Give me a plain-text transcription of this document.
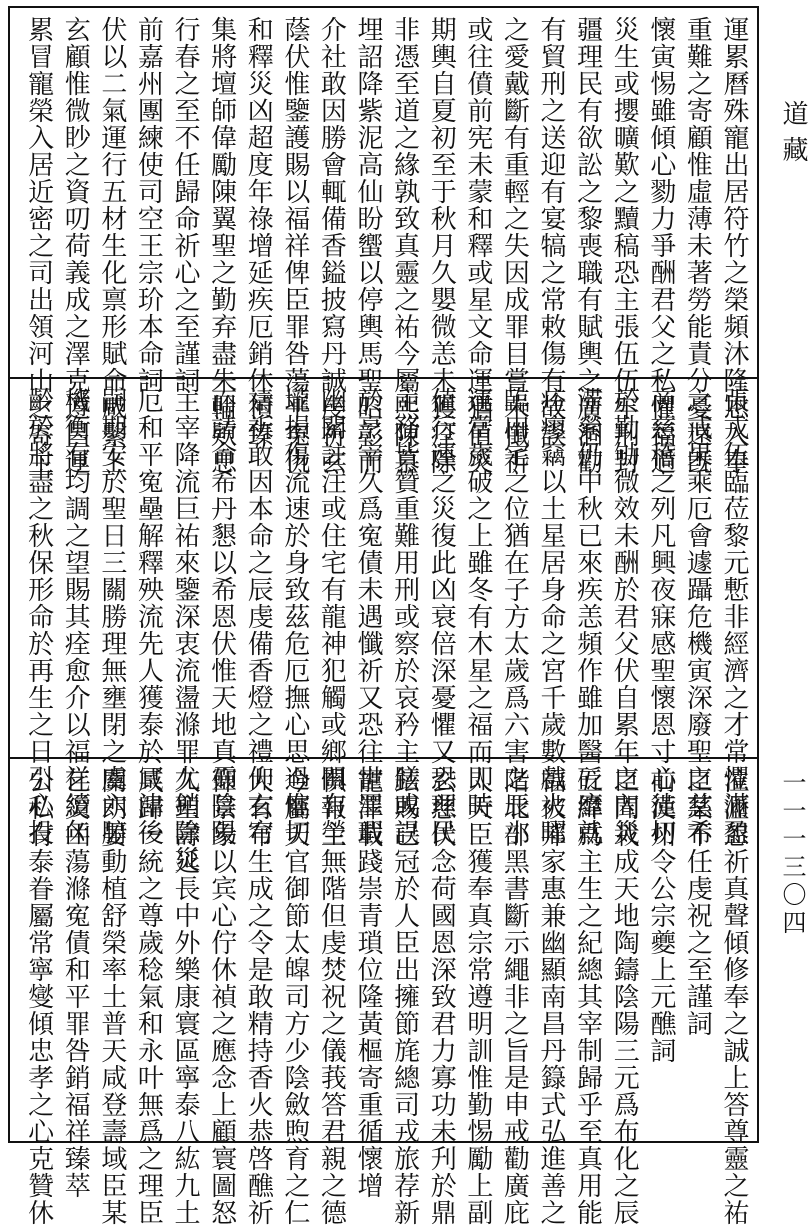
運累曆殊寵出居符竹之榮頻沐隆恩入奉
重難之寄顧惟虛薄未著勞能責分憂遠旣
懷寅惕雖傾心勠力爭酬君父之私懼福過
災生或攖曠歎之黷稿恐主張伍伍牢刑封
疆理民有欲訟之黎喪職有賦輿之廣涸勸
有貿刑之送迎有宴犒之常敕傷有故誤
之愛戴斷有重輕之失因成罪目嘗未懺祈
或往僨前宪未蒙和釋或星文命運猶值災
期輿自夏初至于秋月久嬰微恙未獲痊除
非憑至道之緣孰致真靈之祐今屬熙陳慕
埋詔降紫泥高仙盼蠁以停輿馬聖昭彰而
介社敢因勝會輒備香鎰披寫丹誠虔祈玄
蔭伏惟鑒護賜以福祥俾臣罪咎蕩平寃仇
和釋災凶超度年祿增延疾厄銷休禎臻
集將壇師偉勵陳翼聖之勤弃盡朱輪欵息
行春之至不任歸命祈心之至謹詞
前嘉州團練使司空王宗玠本命詞
伏以二氣運行五材生化禀形賦命咸繫上
玄顧惟微眇之資叨荷義成之澤克遵昌運
累冒寵榮入居近密之司出領河山之寄主
張戎伍臨莅黎元慙非經濟之才常懼滿盈
之戒果乘厄會遽躡危機寅深廢聖之慈希
啇慈稽之列凡興夜寐感聖懷恩寸心徒切
於勤劬微效未酬於君父伏自累年之內災
滞縈仍中秋已來疾恙頻作雖加醫砭靡就
痊瘳竊以土星居身命之宮千歲數戲火曜
臨田宅之位猶在子方太歲爲六害之辰小
運當歲破之上雖冬有木星之福而即時
値行運之災復此凶衰倍深憂懼又恐理民
主務皆贊重難用刑或察於哀矜主膳或誤
於烹宰久爲寃債未遇懺祈又恐往世罪瑕
幽關註注或住宅有龍神犯觸或鄉關有塋
壠損傷流速於身致茲危厄撫心思過惟切
禱祈敢因本命之辰虔備香燈之禮仰玄穹
而請命希丹懇以希恩伏惟天地真靈陰陽
主宰降流巨祐來鑒深衷流盪滌罪尤銷除災
厄和平寃壘解釋殃流先人獲泰於冥津後
嗣期安於聖日三關勝理無壅閉之虞六腑
機衡有均調之望賜其痊愈介以福祥續年
齡於將盡之秋保形命於再生之日引心投
泣瀝懇祈真聲傾修奉之誠上答尊靈之祐
臣某不任虔祝之至謹詞
前漢州令公宗夔上元醮詞
臣聞栽成天地陶鑄陰陽三元爲布化之辰
五緯爲主生之紀總其宰制歸乎至真用能
福被邦家惠兼幽顯南昌丹籙式弘進善之
階北部黑書斷示繩非之旨是申戒勸廣庇
人天臣獲奉真宗常遵明訓惟勤惕勵上副
玄慈伏念荷國恩深致君力寡功未刋於鼎
鉉賜已冠於人臣出擁節旄總司戎旅荐新
寵澤載踐崇青瑣位隆黃樞寄重循懷增
惧報主無階但虔焚祝之儀莪答君親之德
今屬天官御節太皡司方少陰斂煦育之仁
大有布生成之令是敢精持香火恭啓醮祈
仰景象以宾心佇休禎之應念上顧寰圖怒
久聖壽延長中外樂康寰區寧泰八紘九土
咸歸一統之尊歲稔氣和永叶無爲之理臣
關朗晏動植舒榮率土普天咸登壽域臣某
乞災凶蕩滌寃債和平罪咎銷福祥臻萃
公私有泰眷屬常寧燮傾忠孝之心克贊休
道藏
一一一三〇四
